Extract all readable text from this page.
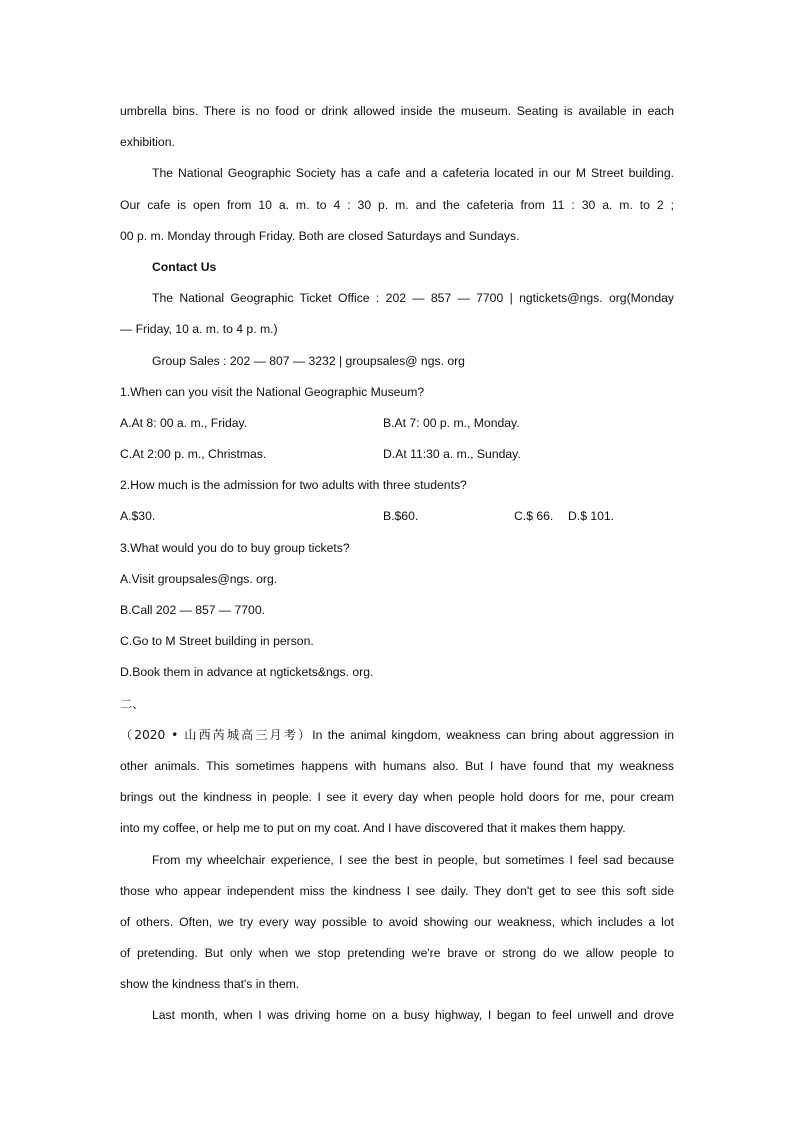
umbrella bins. There is no food or drink allowed inside the museum. Seating is available in each
exhibition.
The National Geographic Society has a cafe and a cafeteria located in our M Street building.
Our cafe is open from 10 a. m. to 4 : 30 p. m. and the cafeteria from 11 : 30 a. m. to 2 ;
00 p. m. Monday through Friday. Both are closed Saturdays and Sundays.
Contact Us
The National Geographic Ticket Office : 202 — 857 — 7700 | ngtickets@ngs. org(Monday
— Friday, 10 a. m. to 4 p. m.)
Group Sales : 202 — 807 — 3232 | groupsales@ ngs. org
1.When can you visit the National Geographic Museum?
A.At 8: 00 a. m., Friday.	B.At 7: 00 p. m., Monday.
C.At 2:00 p. m., Christmas.	D.At 11:30 a. m., Sunday.
2.How much is the admission for two adults with three students?
A.$30.	B.$60.	C.$ 66. D.$ 101.
3.What would you do to buy group tickets?
A.Visit groupsales@ngs. org.
B.Call 202 — 857 — 7700.
C.Go to M Street building in person.
D.Book them in advance at ngtickets&ngs. org.
二、
（2020 • 山西芮城高三月考）In the animal kingdom, weakness can bring about aggression in
other animals. This sometimes happens with humans also. But I have found that my weakness
brings out the kindness in people. I see it every day when people hold doors for me, pour cream
into my coffee, or help me to put on my coat. And I have discovered that it makes them happy.
From my wheelchair experience, I see the best in people, but sometimes I feel sad because
those who appear independent miss the kindness I see daily. They don't get to see this soft side
of others. Often, we try every way possible to avoid showing our weakness, which includes a lot
of pretending. But only when we stop pretending we're brave or strong do we allow people to
show the kindness that's in them.
Last month, when I was driving home on a busy highway, I began to feel unwell and drove
